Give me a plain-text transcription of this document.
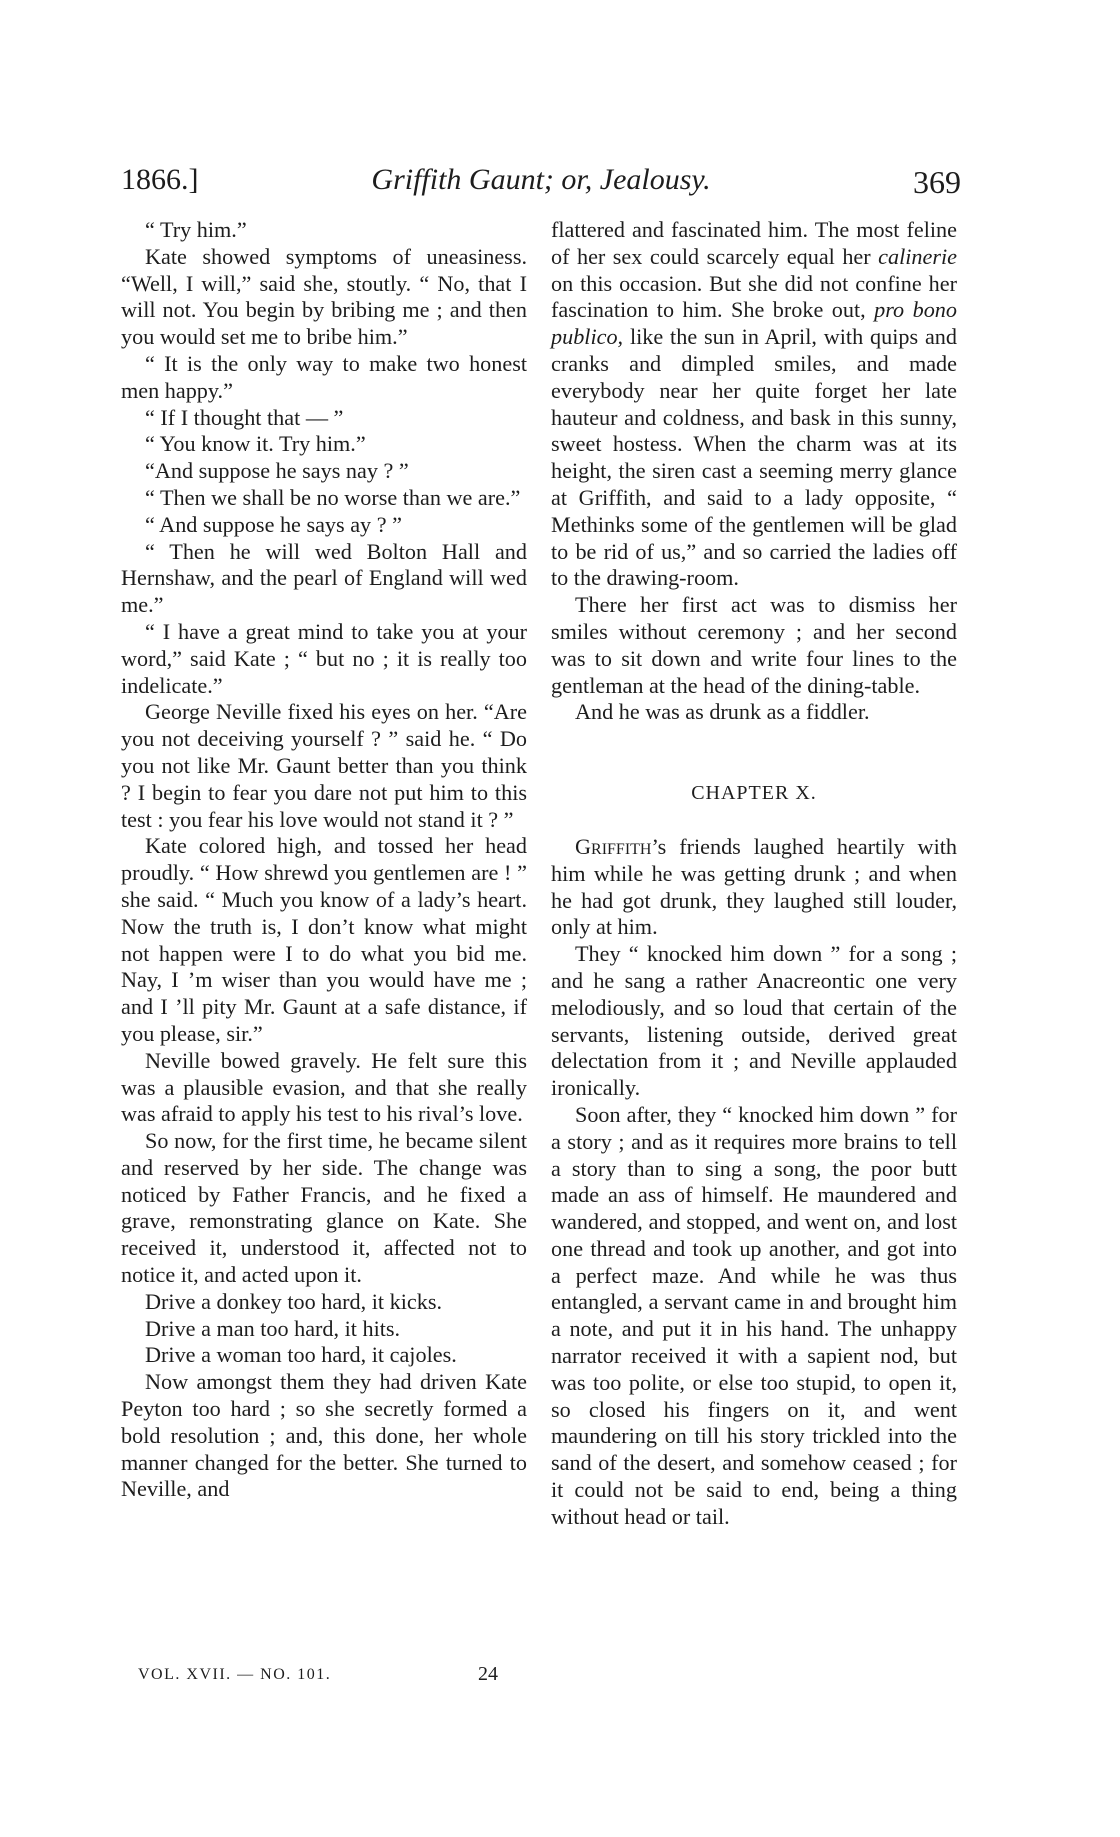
1866.]	Griffith Gaunt; or, Jealousy.	369

“ Try him.”

Kate showed symptoms of uneasiness. “Well, I will,” said she, stoutly. “ No, that I will not. You begin by bribing me ; and then you would set me to bribe him.”

“ It is the only way to make two honest men happy.”

“ If I thought that — ”

“ You know it. Try him.”

“And suppose he says nay ? ”

“ Then we shall be no worse than we are.”

“ And suppose he says ay ? ”

“ Then he will wed Bolton Hall and Hernshaw, and the pearl of England will wed me.”

“ I have a great mind to take you at your word,” said Kate ; “ but no ; it is really too indelicate.”

George Neville fixed his eyes on her. “Are you not deceiving yourself ? ” said he. “ Do you not like Mr. Gaunt better than you think ? I begin to fear you dare not put him to this test : you fear his love would not stand it ? ”

Kate colored high, and tossed her head proudly. “ How shrewd you gentlemen are ! ” she said. “ Much you know of a lady’s heart. Now the truth is, I don’t know what might not happen were I to do what you bid me. Nay, I ’m wiser than you would have me ; and I ’ll pity Mr. Gaunt at a safe distance, if you please, sir.”

Neville bowed gravely. He felt sure this was a plausible evasion, and that she really was afraid to apply his test to his rival’s love.

So now, for the first time, he became silent and reserved by her side. The change was noticed by Father Francis, and he fixed a grave, remonstrating glance on Kate. She received it, understood it, affected not to notice it, and acted upon it.

Drive a donkey too hard, it kicks.

Drive a man too hard, it hits.

Drive a woman too hard, it cajoles.

Now amongst them they had driven Kate Peyton too hard ; so she secretly formed a bold resolution ; and, this done, her whole manner changed for the better. She turned to Neville, and

flattered and fascinated him. The most feline of her sex could scarcely equal her calinerie on this occasion. But she did not confine her fascination to him. She broke out, pro bono publico, like the sun in April, with quips and cranks and dimpled smiles, and made everybody near her quite forget her late hauteur and coldness, and bask in this sunny, sweet hostess. When the charm was at its height, the siren cast a seeming merry glance at Griffith, and said to a lady opposite, “ Methinks some of the gentlemen will be glad to be rid of us,” and so carried the ladies off to the drawing-room.

There her first act was to dismiss her smiles without ceremony ; and her second was to sit down and write four lines to the gentleman at the head of the dining-table.

And he was as drunk as a fiddler.

CHAPTER X.

Griffith’s friends laughed heartily with him while he was getting drunk ; and when he had got drunk, they laughed still louder, only at him.

They “ knocked him down ” for a song ; and he sang a rather Anacreontic one very melodiously, and so loud that certain of the servants, listening outside, derived great delectation from it ; and Neville applauded ironically.

Soon after, they “ knocked him down ” for a story ; and as it requires more brains to tell a story than to sing a song, the poor butt made an ass of himself. He maundered and wandered, and stopped, and went on, and lost one thread and took up another, and got into a perfect maze. And while he was thus entangled, a servant came in and brought him a note, and put it in his hand. The unhappy narrator received it with a sapient nod, but was too polite, or else too stupid, to open it, so closed his fingers on it, and went maundering on till his story trickled into the sand of the desert, and somehow ceased ; for it could not be said to end, being a thing without head or tail.

VOL. XVII. — NO. 101.	24
